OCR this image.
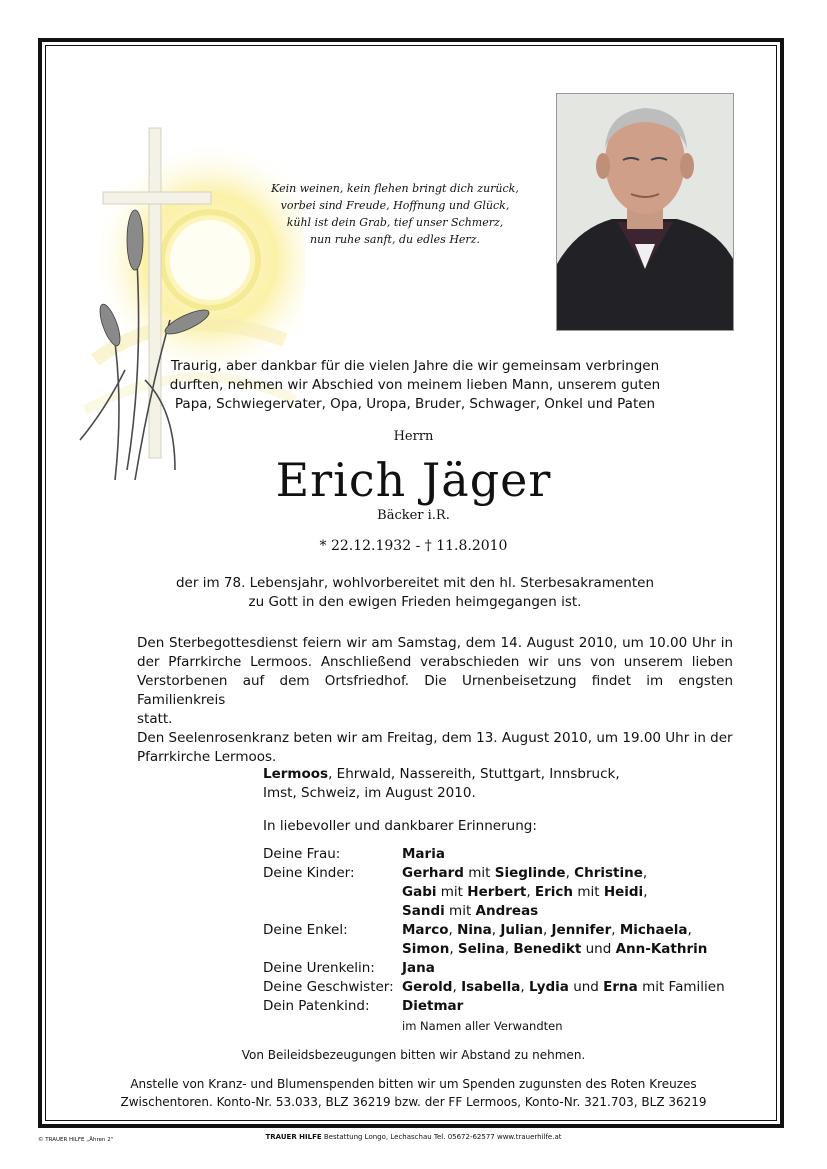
Kein weinen, kein flehen bringt dich zurück,
vorbei sind Freude, Hoffnung und Glück,
kühl ist dein Grab, tief unser Schmerz,
nun ruhe sanft, du edles Herz.
Traurig, aber dankbar für die vielen Jahre die wir gemeinsam verbringen
durften, nehmen wir Abschied von meinem lieben Mann, unserem guten
Papa, Schwiegervater, Opa, Uropa, Bruder, Schwager, Onkel und Paten
Herrn
Erich Jäger
Bäcker i.R.
* 22.12.1932 - † 11.8.2010
der im 78. Lebensjahr, wohlvorbereitet mit den hl. Sterbesakramenten
zu Gott in den ewigen Frieden heimgegangen ist.
Den Sterbegottesdienst feiern wir am Samstag, dem 14. August 2010, um 10.00 Uhr in
der Pfarrkirche Lermoos. Anschließend verabschieden wir uns von unserem lieben
Verstorbenen auf dem Ortsfriedhof. Die Urnenbeisetzung findet im engsten Familienkreis
statt.
Den Seelenrosenkranz beten wir am Freitag, dem 13. August 2010, um 19.00 Uhr in der
Pfarrkirche Lermoos.
Lermoos, Ehrwald, Nassereith, Stuttgart, Innsbruck,
Imst, Schweiz, im August 2010.
In liebevoller und dankbarer Erinnerung:
Deine Frau:	Maria
Deine Kinder:	Gerhard mit Sieglinde, Christine,
Gabi mit Herbert, Erich mit Heidi,
Sandi mit Andreas
Deine Enkel:	Marco, Nina, Julian, Jennifer, Michaela,
Simon, Selina, Benedikt und Ann-Kathrin
Deine Urenkelin:	Jana
Deine Geschwister: Gerold, Isabella, Lydia und Erna mit Familien
Dein Patenkind:	Dietmar
im Namen aller Verwandten
Von Beileidsbezeugungen bitten wir Abstand zu nehmen.
Anstelle von Kranz- und Blumenspenden bitten wir um Spenden zugunsten des Roten Kreuzes
Zwischentoren. Konto-Nr. 53.033, BLZ 36219 bzw. der FF Lermoos, Konto-Nr. 321.703, BLZ 36219
© TRAUER HILFE „Ähren 2"	TRAUER HILFE Bestattung Longo, Lechaschau Tel. 05672-62577 www.trauerhilfe.at
